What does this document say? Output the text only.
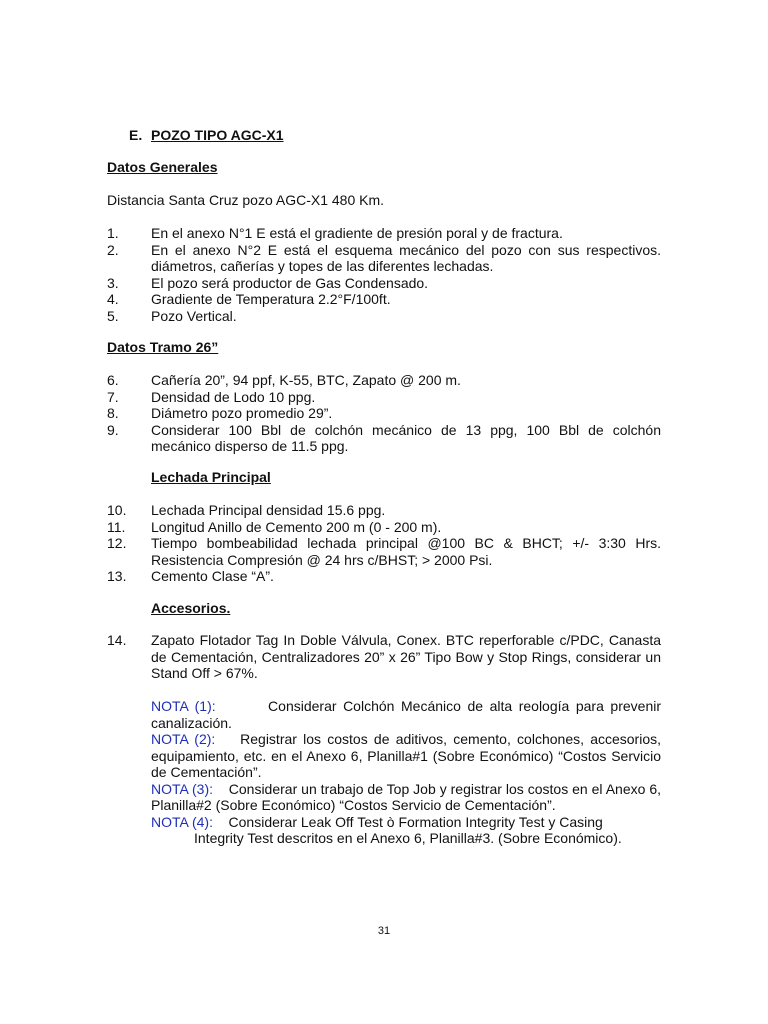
E. POZO TIPO AGC-X1
Datos Generales
Distancia Santa Cruz pozo AGC-X1 480 Km.
1. En el anexo N°1 E está el gradiente de presión poral y de fractura.
2. En el anexo N°2 E está el esquema mecánico del pozo con sus respectivos. diámetros, cañerías y topes de las diferentes lechadas.
3. El pozo será productor de Gas Condensado.
4. Gradiente de Temperatura 2.2°F/100ft.
5. Pozo Vertical.
Datos Tramo 26”
6. Cañería 20”, 94 ppf, K-55, BTC, Zapato @ 200 m.
7. Densidad de Lodo 10 ppg.
8. Diámetro pozo promedio 29”.
9. Considerar 100 Bbl de colchón mecánico de 13 ppg, 100 Bbl de colchón mecánico disperso de 11.5 ppg.
Lechada Principal
10. Lechada Principal densidad 15.6 ppg.
11. Longitud Anillo de Cemento 200 m (0 - 200 m).
12. Tiempo bombeabilidad lechada principal @100 BC & BHCT; +/- 3:30 Hrs. Resistencia Compresión @ 24 hrs c/BHST; > 2000 Psi.
13. Cemento Clase “A”.
Accesorios.
14. Zapato Flotador Tag In Doble Válvula, Conex. BTC reperforable c/PDC, Canasta de Cementación, Centralizadores 20” x 26” Tipo Bow y Stop Rings, considerar un Stand Off > 67%.
NOTA (1):	Considerar Colchón Mecánico de alta reología para prevenir canalización.
NOTA (2): Registrar los costos de aditivos, cemento, colchones, accesorios, equipamiento, etc. en el Anexo 6, Planilla#1 (Sobre Económico) “Costos Servicio de Cementación”.
NOTA (3): Considerar un trabajo de Top Job y registrar los costos en el Anexo 6, Planilla#2 (Sobre Económico) “Costos Servicio de Cementación”.
NOTA (4): Considerar Leak Off Test ò Formation Integrity Test y Casing
Integrity Test descritos en el Anexo 6, Planilla#3. (Sobre Económico).
31
